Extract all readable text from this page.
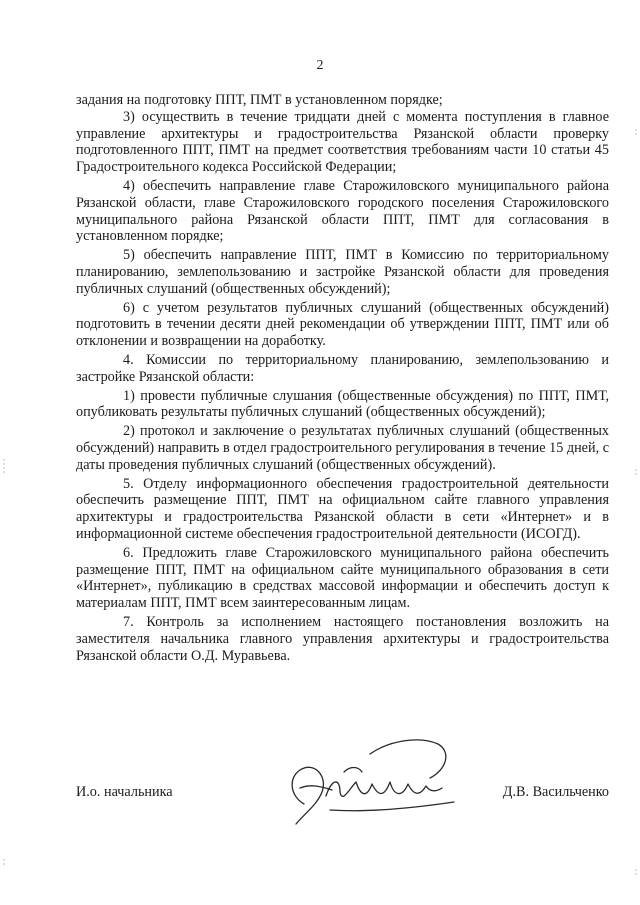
2

задания на подготовку ППТ, ПМТ в установленном порядке;

3) осуществить в течение тридцати дней с момента поступления в главное управление архитектуры и градостроительства Рязанской области проверку подготовленного ППТ, ПМТ на предмет соответствия требованиям части 10 статьи 45 Градостроительного кодекса Российской Федерации;

4) обеспечить направление главе Старожиловского муниципального района Рязанской области, главе Старожиловского городского поселения Старожиловского муниципального района Рязанской области ППТ, ПМТ для согласования в установленном порядке;

5) обеспечить направление ППТ, ПМТ в Комиссию по территориальному планированию, землепользованию и застройке Рязанской области для проведения публичных слушаний (общественных обсуждений);

6) с учетом результатов публичных слушаний (общественных обсуждений) подготовить в течении десяти дней рекомендации об утверждении ППТ, ПМТ или об отклонении и возвращении на доработку.

4. Комиссии по территориальному планированию, землепользованию и застройке Рязанской области:

1) провести публичные слушания (общественные обсуждения) по ППТ, ПМТ, опубликовать результаты публичных слушаний (общественных обсуждений);

2) протокол и заключение о результатах публичных слушаний (общественных обсуждений) направить в отдел градостроительного регулирования в течение 15 дней, с даты проведения публичных слушаний (общественных обсуждений).

5. Отделу информационного обеспечения градостроительной деятельности обеспечить размещение ППТ, ПМТ на официальном сайте главного управления архитектуры и градостроительства Рязанской области в сети «Интернет» и в информационной системе обеспечения градостроительной деятельности (ИСОГД).

6. Предложить главе Старожиловского муниципального района обеспечить размещение ППТ, ПМТ на официальном сайте муниципального образования в сети «Интернет», публикацию в средствах массовой информации и обеспечить доступ к материалам ППТ, ПМТ всем заинтересованным лицам.

7. Контроль за исполнением настоящего постановления возложить на заместителя начальника главного управления архитектуры и градостроительства Рязанской области О.Д. Муравьева.

И.о. начальника	Д.В. Васильченко
